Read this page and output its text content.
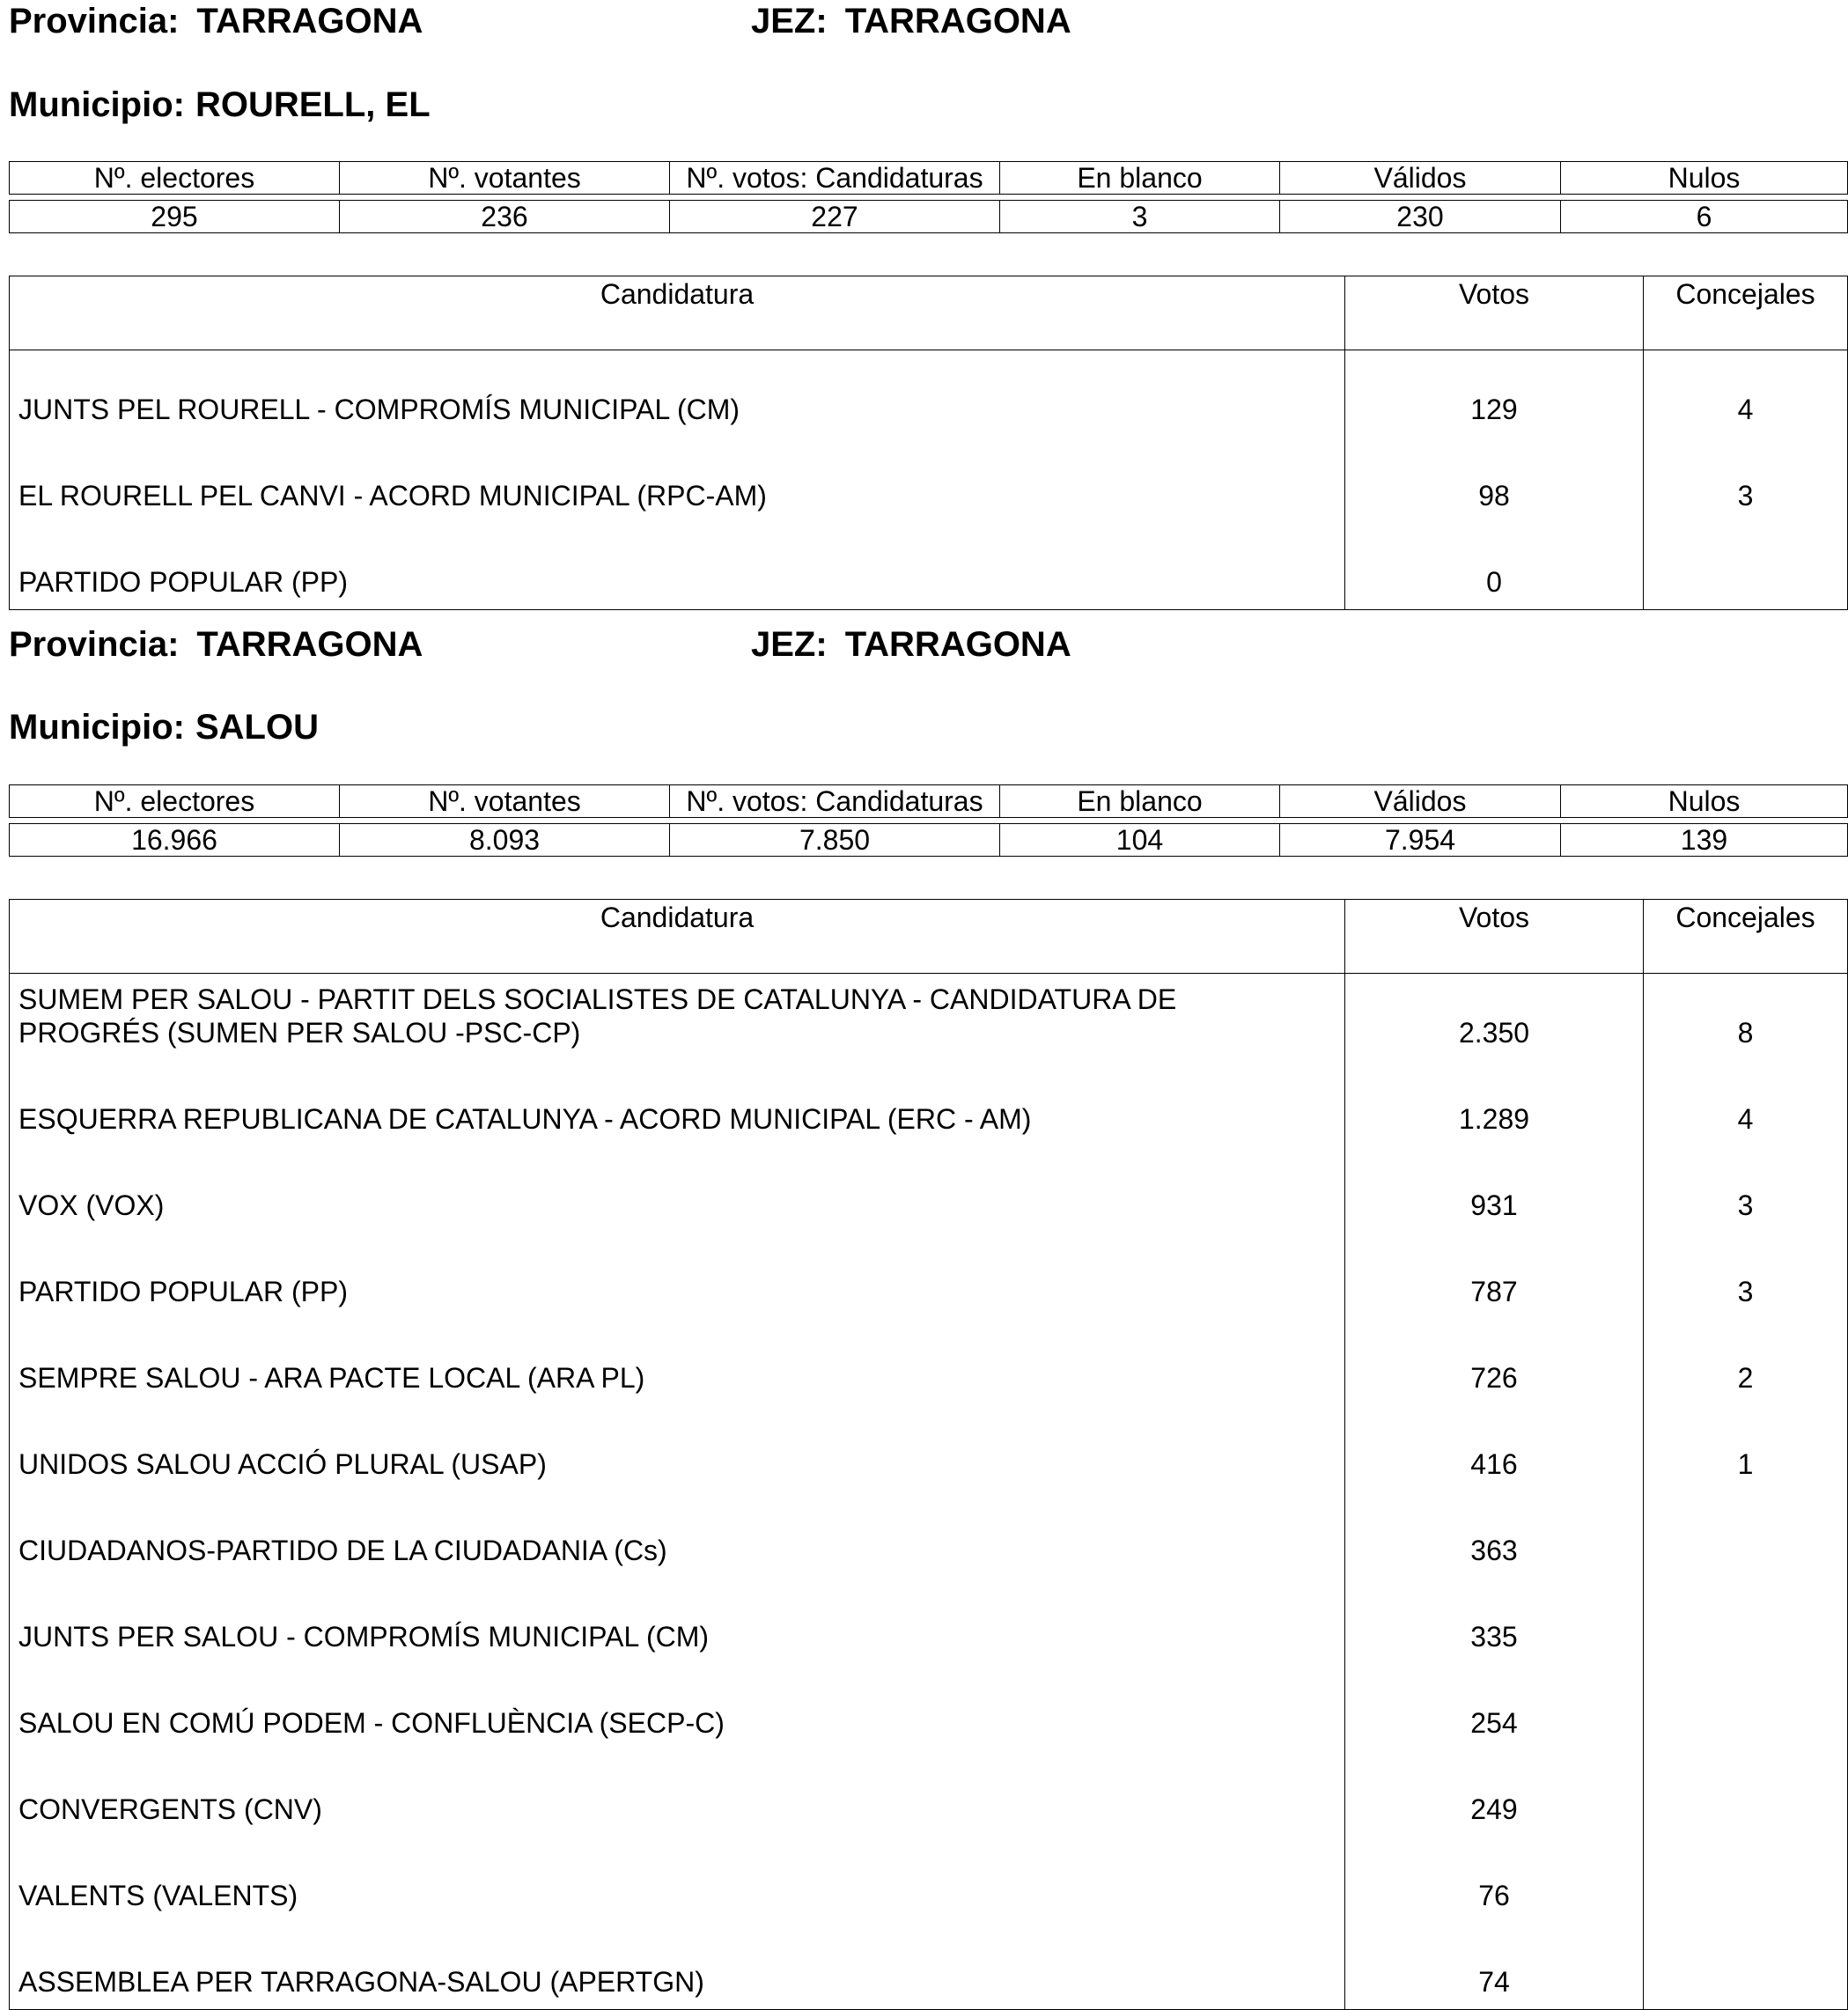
Provincia: TARRAGONA	JEZ: TARRAGONA
Municipio: ROURELL, EL
Nº. electores	Nº. votantes	Nº. votos: Candidaturas	En blanco	Válidos	Nulos
295	236	227	3	230	6
Candidatura	Votos	Concejales
JUNTS PEL ROURELL - COMPROMÍS MUNICIPAL (CM)	129	4
EL ROURELL PEL CANVI - ACORD MUNICIPAL (RPC-AM)	98	3
PARTIDO POPULAR (PP)	0	
Provincia: TARRAGONA	JEZ: TARRAGONA
Municipio: SALOU
Nº. electores	Nº. votantes	Nº. votos: Candidaturas	En blanco	Válidos	Nulos
16.966	8.093	7.850	104	7.954	139
Candidatura	Votos	Concejales
SUMEM PER SALOU - PARTIT DELS SOCIALISTES DE CATALUNYA - CANDIDATURA DE PROGRÉS (SUMEN PER SALOU -PSC-CP)	2.350	8
ESQUERRA REPUBLICANA DE CATALUNYA - ACORD MUNICIPAL (ERC - AM)	1.289	4
VOX (VOX)	931	3
PARTIDO POPULAR (PP)	787	3
SEMPRE SALOU - ARA PACTE LOCAL (ARA PL)	726	2
UNIDOS SALOU ACCIÓ PLURAL (USAP)	416	1
CIUDADANOS-PARTIDO DE LA CIUDADANIA (Cs)	363	
JUNTS PER SALOU - COMPROMÍS MUNICIPAL (CM)	335	
SALOU EN COMÚ PODEM - CONFLUÈNCIA (SECP-C)	254	
CONVERGENTS (CNV)	249	
VALENTS (VALENTS)	76	
ASSEMBLEA PER TARRAGONA-SALOU (APERTGN)	74	
